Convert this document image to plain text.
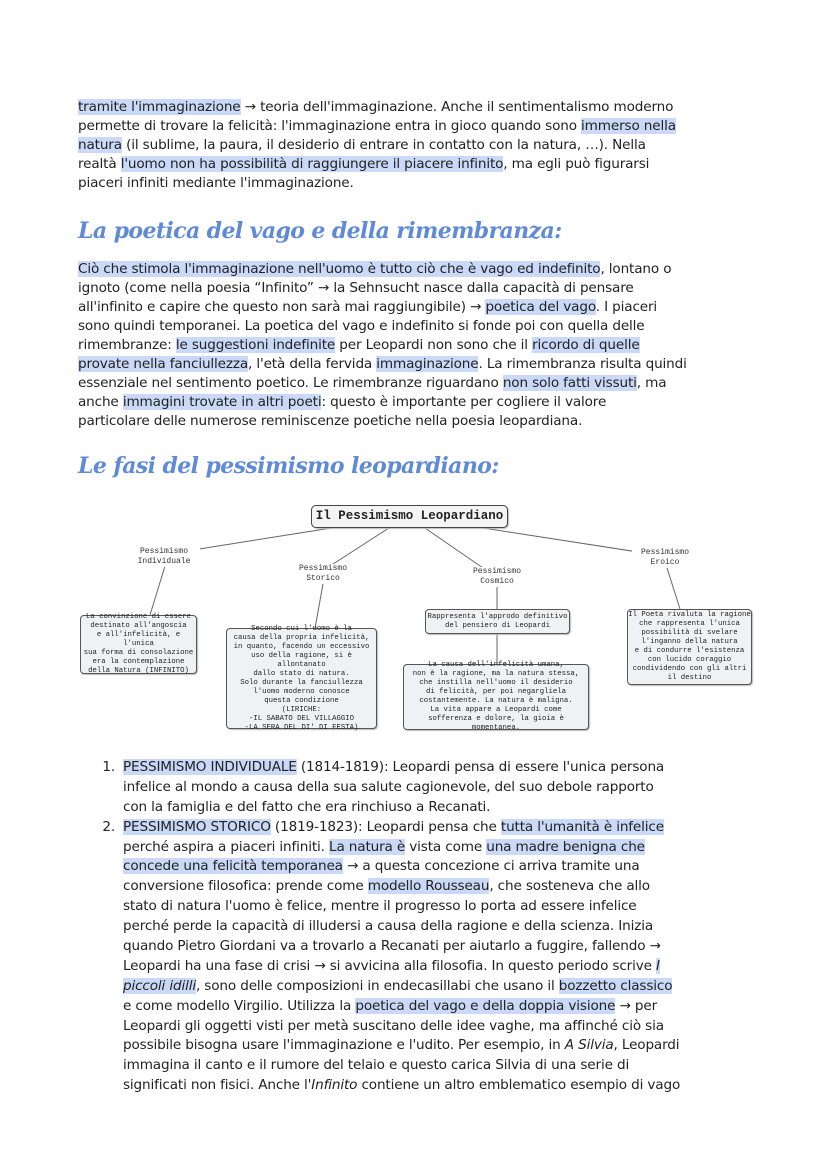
tramite l'immaginazione → teoria dell'immaginazione. Anche il sentimentalismo moderno
permette di trovare la felicità: l'immaginazione entra in gioco quando sono immerso nella
natura (il sublime, la paura, il desiderio di entrare in contatto con la natura, …). Nella
realtà l'uomo non ha possibilità di raggiungere il piacere infinito, ma egli può figurarsi
piaceri infiniti mediante l'immaginazione.
La poetica del vago e della rimembranza:
Ciò che stimola l'immaginazione nell'uomo è tutto ciò che è vago ed indefinito, lontano o
ignoto (come nella poesia “Infinito” → la Sehnsucht nasce dalla capacità di pensare
all'infinito e capire che questo non sarà mai raggiungibile) → poetica del vago. I piaceri
sono quindi temporanei. La poetica del vago e indefinito si fonde poi con quella delle
rimembranze: le suggestioni indefinite per Leopardi non sono che il ricordo di quelle
provate nella fanciullezza, l'età della fervida immaginazione. La rimembranza risulta quindi
essenziale nel sentimento poetico. Le rimembranze riguardano non solo fatti vissuti, ma
anche immagini trovate in altri poeti: questo è importante per cogliere il valore
particolare delle numerose reminiscenze poetiche nella poesia leopardiana.
Le fasi del pessimismo leopardiano:
Il Pessimismo Leopardiano
Pessimismo
Individuale
Pessimismo
Storico
Pessimismo
Cosmico
Pessimismo
Eroico
La convinzione di essere
destinato all'angoscia
e all'infelicità, e l'unica
sua forma di consolazione
era la contemplazione
della Natura (INFINITO)
Secondo cui l'uomo è la
causa della propria infelicità,
in quanto, facendo un eccessivo
uso della ragione, si è allontanato
dallo stato di natura.
Solo durante la fanciullezza
l'uomo moderno conosce
questa condizione
(LIRICHE:
-IL SABATO DEL VILLAGGIO
-LA SERA DEL DI' DI FESTA)
Rappresenta l'approdo definitivo
del pensiero di Leopardi
La causa dell'infelicità umana,
non è la ragione, ma la natura stessa,
che instilla nell'uomo il desiderio
di felicità, per poi negargliela
costantemente. La natura è maligna.
La vita appare a Leopardi come
sofferenza e dolore, la gioia è momentanea.
Il Poeta rivaluta la ragione
che rappresenta l'unica
possibilità di svelare
l'inganno della natura
e di condurre l'esistenza
con lucido coraggio
condividendo con gli altri
il destino
1. PESSIMISMO INDIVIDUALE (1814-1819): Leopardi pensa di essere l'unica persona
infelice al mondo a causa della sua salute cagionevole, del suo debole rapporto
con la famiglia e del fatto che era rinchiuso a Recanati.
2. PESSIMISMO STORICO (1819-1823): Leopardi pensa che tutta l'umanità è infelice
perché aspira a piaceri infiniti. La natura è vista come una madre benigna che
concede una felicità temporanea → a questa concezione ci arriva tramite una
conversione filosofica: prende come modello Rousseau, che sosteneva che allo
stato di natura l'uomo è felice, mentre il progresso lo porta ad essere infelice
perché perde la capacità di illudersi a causa della ragione e della scienza. Inizia
quando Pietro Giordani va a trovarlo a Recanati per aiutarlo a fuggire, fallendo →
Leopardi ha una fase di crisi → si avvicina alla filosofia. In questo periodo scrive I
piccoli idilli, sono delle composizioni in endecasillabi che usano il bozzetto classico
e come modello Virgilio. Utilizza la poetica del vago e della doppia visione → per
Leopardi gli oggetti visti per metà suscitano delle idee vaghe, ma affinché ciò sia
possibile bisogna usare l'immaginazione e l'udito. Per esempio, in A Silvia, Leopardi
immagina il canto e il rumore del telaio e questo carica Silvia di una serie di
significati non fisici. Anche l'Infinito contiene un altro emblematico esempio di vago
